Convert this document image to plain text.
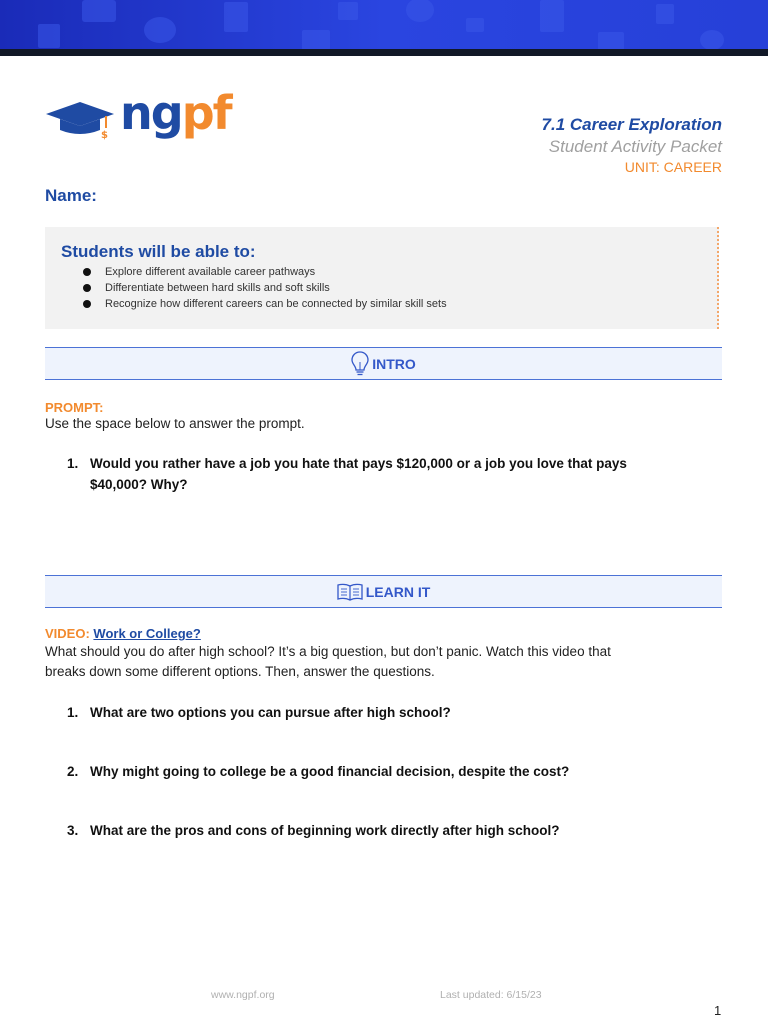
$ ngpf	7.1 Career Exploration
Student Activity Packet
UNIT: CAREER
Name:
Students will be able to:
Explore different available career pathways
Differentiate between hard skills and soft skills
Recognize how different careers can be connected by similar skill sets
INTRO
PROMPT:
Use the space below to answer the prompt.
1. Would you rather have a job you hate that pays $120,000 or a job you love that pays
$40,000? Why?
LEARN IT
VIDEO: Work or College?
What should you do after high school? It’s a big question, but don’t panic. Watch this video that
breaks down some different options. Then, answer the questions.
1. What are two options you can pursue after high school?
2. Why might going to college be a good financial decision, despite the cost?
3. What are the pros and cons of beginning work directly after high school?
www.ngpf.org	Last updated: 6/15/23
1
